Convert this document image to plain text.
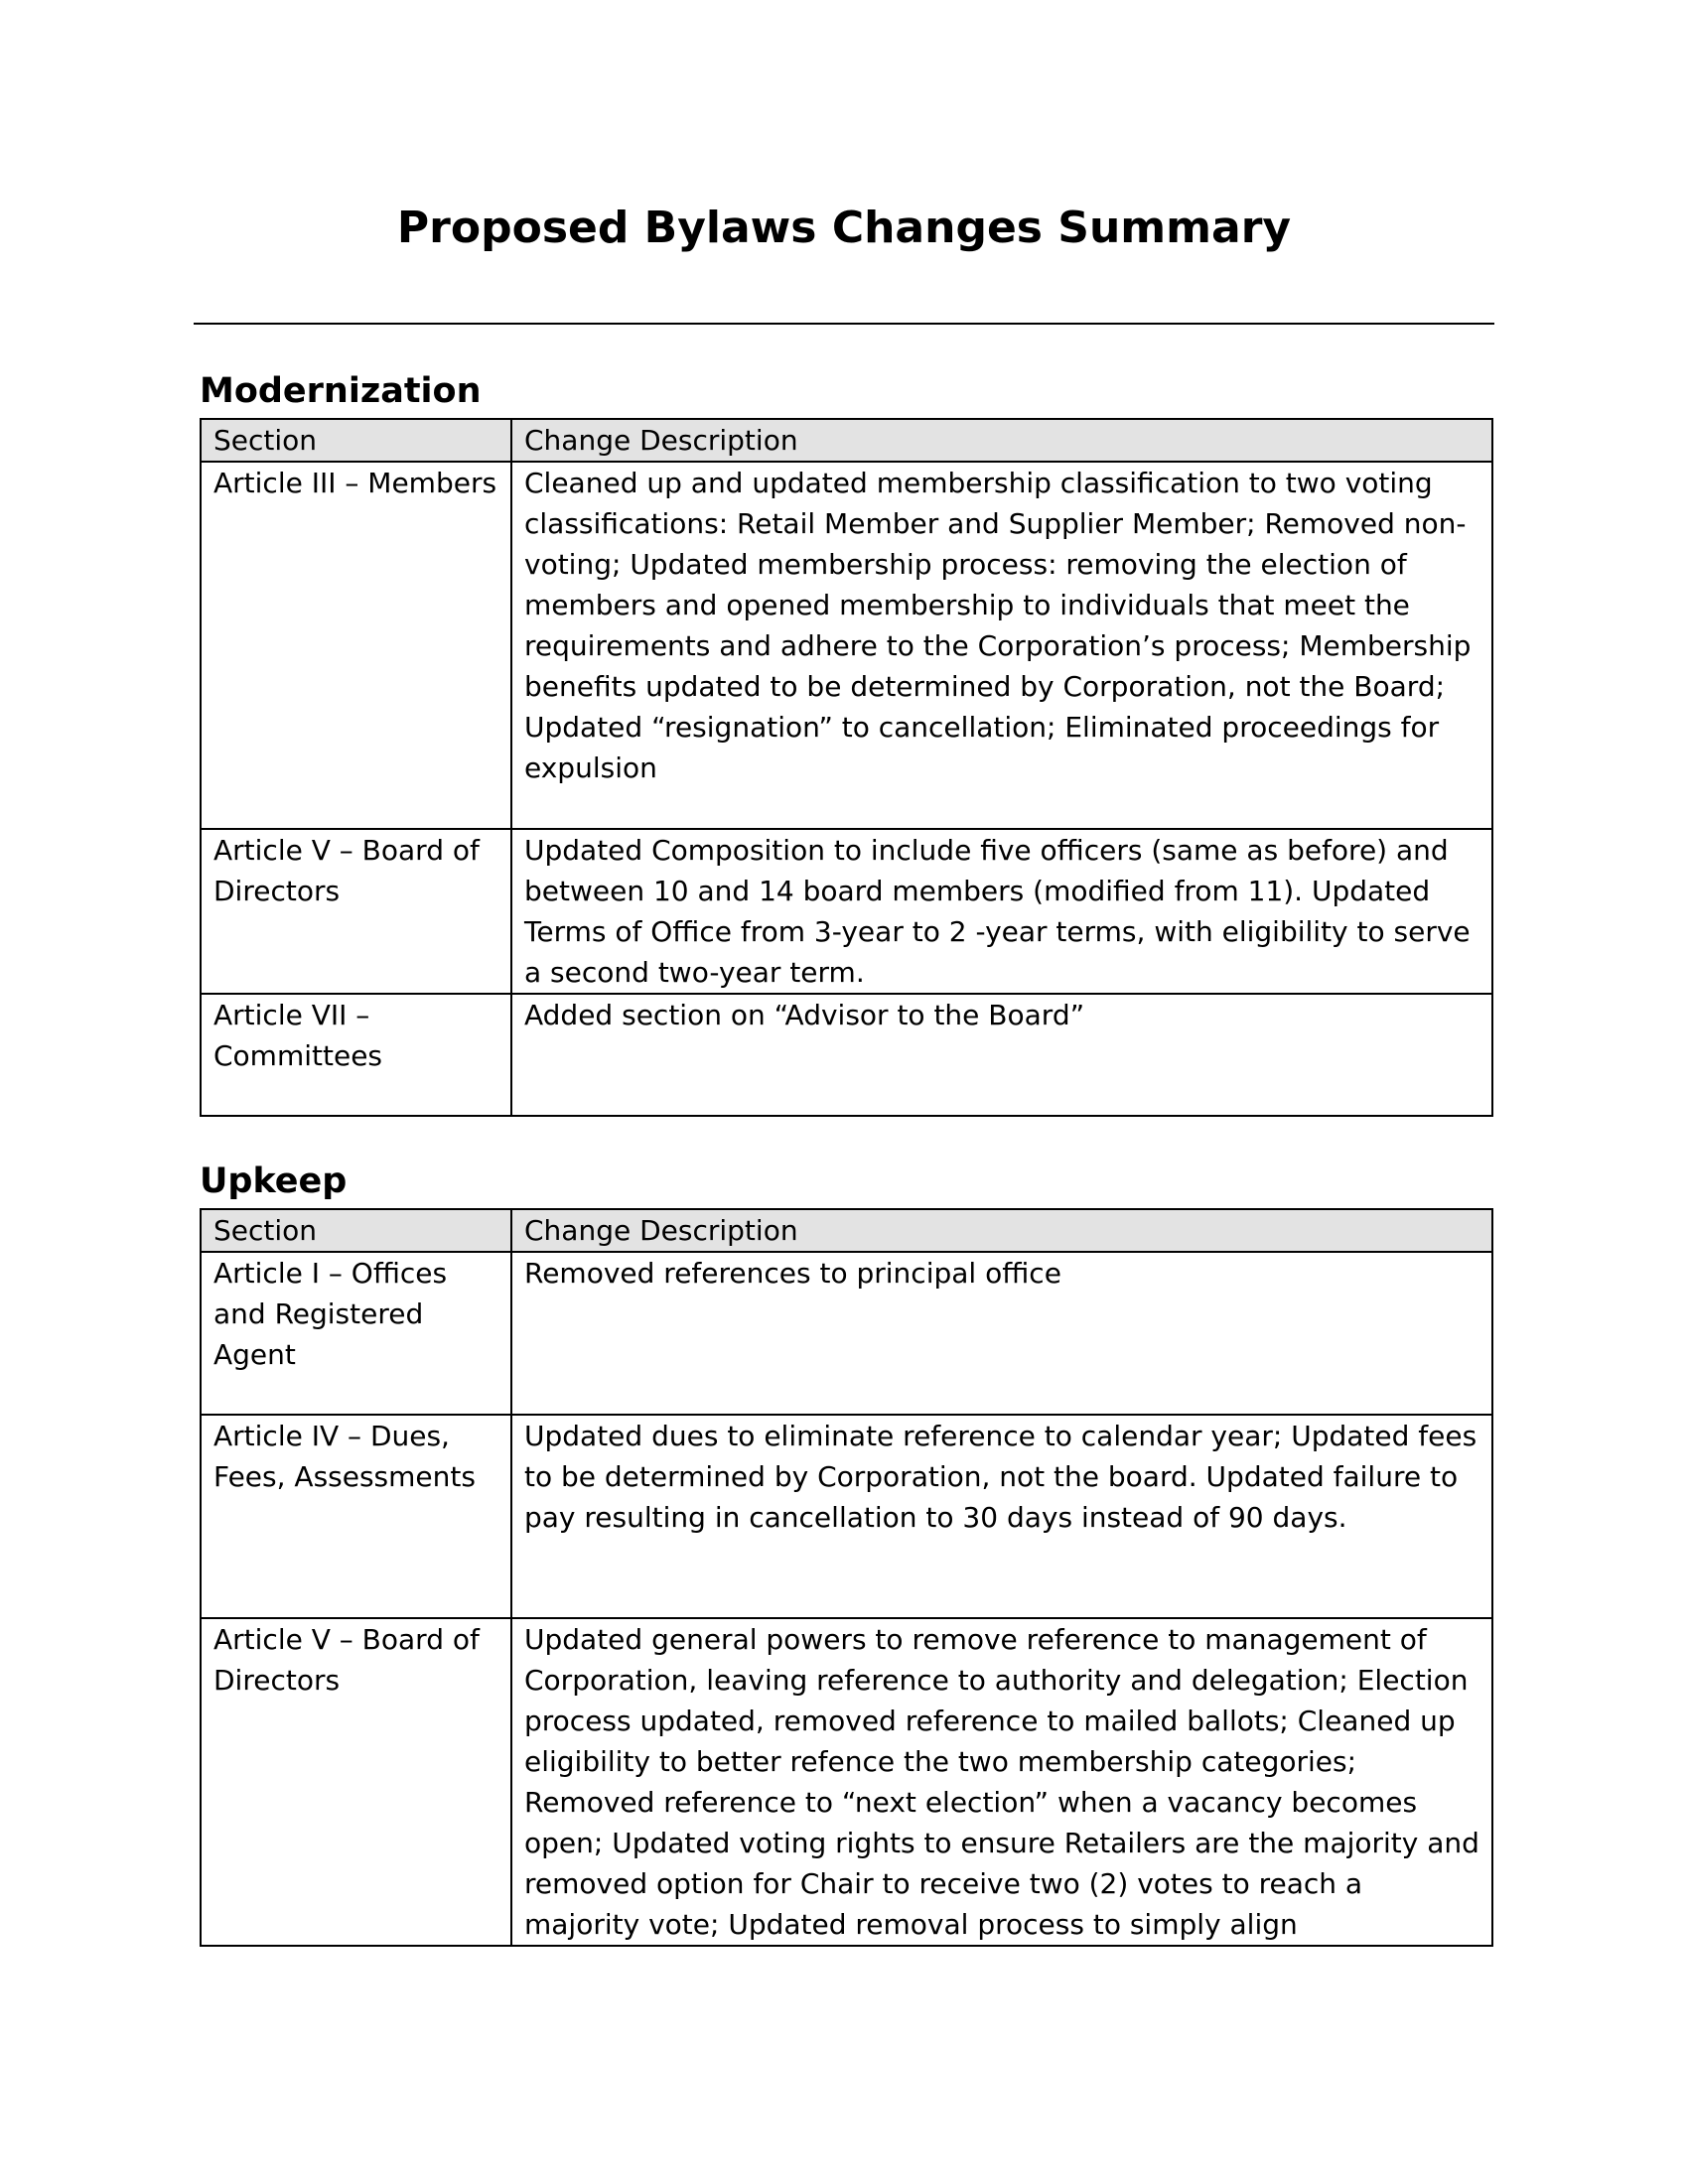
Proposed Bylaws Changes Summary
Modernization
Section	Change Description
Article III – Members	Cleaned up and updated membership classification to two voting classifications: Retail Member and Supplier Member; Removed non-voting; Updated membership process: removing the election of members and opened membership to individuals that meet the requirements and adhere to the Corporation’s process; Membership benefits updated to be determined by Corporation, not the Board; Updated “resignation” to cancellation; Eliminated proceedings for expulsion
Article V – Board of Directors	Updated Composition to include five officers (same as before) and between 10 and 14 board members (modified from 11). Updated Terms of Office from 3-year to 2 -year terms, with eligibility to serve a second two-year term.
Article VII – Committees	Added section on “Advisor to the Board”
Upkeep
Section	Change Description
Article I – Offices and Registered Agent	Removed references to principal office
Article IV – Dues, Fees, Assessments	Updated dues to eliminate reference to calendar year; Updated fees to be determined by Corporation, not the board. Updated failure to pay resulting in cancellation to 30 days instead of 90 days.
Article V – Board of Directors	Updated general powers to remove reference to management of Corporation, leaving reference to authority and delegation; Election process updated, removed reference to mailed ballots; Cleaned up eligibility to better refence the two membership categories; Removed reference to “next election” when a vacancy becomes open; Updated voting rights to ensure Retailers are the majority and removed option for Chair to receive two (2) votes to reach a majority vote; Updated removal process to simply align
